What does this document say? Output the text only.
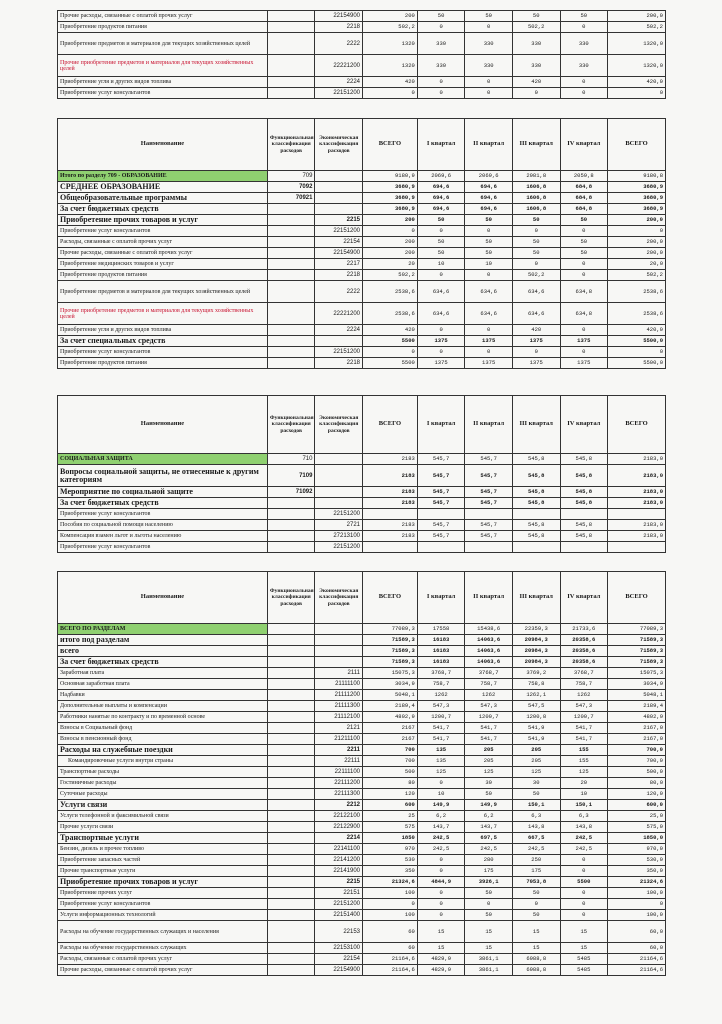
Прочие расходы, связанные с оплатой прочих услуг		22154900	200	50	50	50	50	200,0
Приобретение продуктов питания		2218	502,2	0	0	502,2	0	502,2
Приобретение предметов и материалов для текущих хозяйственных целей		2222	1320	330	330	330	330	1320,0
Прочие приобретение предметов и материалов для текущих хозяйственных целей		22221200	1320	330	330	330	330	1320,0
Приобретение угля и других видов топлива		2224	420	0	0	420	0	420,0
Приобретение услуг консультантов		22151200	0	0	0	0	0	0
Наименование	Функциональная классификация расходов	Экономическая классификация расходов	ВСЕГО	I квартал	II квартал	III квартал	IV квартал	ВСЕГО
Итого по разделу 709 - ОБРАЗОВАНИЕ	709		9180,9	2069,6	2069,6	2981,8	2059,8	9180,8
СРЕДНЕЕ ОБРАЗОВАНИЕ	7092		3680,9	694,6	694,6	1606,8	684,8	3680,9
Общеобразовательные программы	70921		3680,9	694,6	694,6	1606,8	684,8	3680,9
За счет бюджетных средств			3680,9	694,6	694,6	1606,8	684,8	3680,9
Приобретение прочих товаров и услуг		2215	200	50	50	50	50	200,0
Приобретение услуг консультантов		22151200	0	0	0	0	0	0
Расходы, связанные с оплатой прочих услуг		22154	200	50	50	50	50	200,0
Прочие расходы, связанные с оплатой прочих услуг		22154900	200	50	50	50	50	200,0
Приобретение медицинских товаров и услуг		2217	20	10	10	0	0	20,0
Приобретение продуктов питания		2218	502,2	0	0	502,2	0	502,2
Приобретение предметов и материалов для текущих хозяйственных целей		2222	2538,6	634,6	634,6	634,6	634,8	2538,6
Прочие приобретение предметов и материалов для текущих хозяйственных целей		22221200	2538,6	634,6	634,6	634,6	634,8	2538,6
Приобретение угля и других видов топлива		2224	420	0	0	420	0	420,0
За счет специальных средств			5500	1375	1375	1375	1375	5500,0
Приобретение услуг консультантов		22151200	0	0	0	0	0	0
Приобретение продуктов питания		2218	5500	1375	1375	1375	1375	5500,0
Наименование	Функциональная классификация расходов	Экономическая классификация расходов	ВСЕГО	I квартал	II квартал	III квартал	IV квартал	ВСЕГО
СОЦИАЛЬНАЯ ЗАЩИТА	710		2183	545,7	545,7	545,8	545,8	2183,0
Вопросы социальной защиты, не отнесенные к другим категориям	7109		2183	545,7	545,7	545,8	545,8	2183,0
Мероприятие по социальной защите	71092		2183	545,7	545,7	545,8	545,8	2183,0
За счет бюджетных средств			2183	545,7	545,7	545,8	545,8	2183,0
Приобретение услуг консультантов		22151200						
Пособия по социальной помощи населению		2721	2183	545,7	545,7	545,8	545,8	2183,0
Компенсация взамен льгот и льготы населению		27213100	2183	545,7	545,7	545,8	545,8	2183,0
Приобретение услуг консультантов		22151200						
Наименование	Функциональная классификация расходов	Экономическая классификация расходов	ВСЕГО	I квартал	II квартал	III квартал	IV квартал	ВСЕГО
ВСЕГО ПО РАЗДЕЛАМ			77089,3	17558	15438,6	22359,3	21733,6	77089,3
итого под разделам			71589,3	16183	14063,6	20984,3	20358,6	71589,3
всего			71589,3	16183	14063,6	20984,3	20358,6	71589,3
За счет бюджетных средств			71589,3	16183	14063,6	20984,3	20358,6	71589,3
Заработная плата		2111	15075,3	3768,7	3768,7	3769,2	3768,7	15075,3
Основная заработная плата		21111100	3034,9	758,7	758,7	758,8	758,7	3034,9
Надбавки		21111200	5048,1	1262	1262	1262,1	1262	5048,1
Дополнительные выплаты и компенсации		21111300	2189,4	547,3	547,3	547,5	547,3	2189,4
Работники нанятые по контракту и по временной основе		21112100	4802,9	1200,7	1200,7	1200,8	1200,7	4802,9
Взносы в Социальный фонд		2121	2167	541,7	541,7	541,9	541,7	2167,0
Взносы в пенсионный фонд		21211100	2167	541,7	541,7	541,9	541,7	2167,0
Расходы на служебные поездки		2211	700	135	205	205	155	700,0
Командировочные услуги внутри страны		22111	700	135	205	205	155	700,0
Транспортные расходы		22111100	500	125	125	125	125	500,0
Гостиничные расходы		22111200	80	0	30	30	20	80,0
Суточные расходы		22111300	120	10	50	50	10	120,0
Услуги связи		2212	600	149,9	149,9	150,1	150,1	600,0
Услуги телефонной и факсимильной связи		22122100	25	6,2	6,2	6,3	6,3	25,0
Прочие услуги связи		22122900	575	143,7	143,7	143,8	143,8	575,0
Транспортные услуги		2214	1850	242,5	697,5	667,5	242,5	1850,0
Бензин, дизель и прочее топливо		22141100	970	242,5	242,5	242,5	242,5	970,0
Приобретение запасных частей		22141200	530	0	280	250	0	530,0
Прочие транспортные услуги		22141900	350	0	175	175	0	350,0
Приобретение прочих товаров и услуг		2215	21324,6	4844,9	3926,1	7053,8	5500	21324,6
Приобретение прочих услуг		22151	100	0	50	50	0	100,0
Приобретение услуг консультантов		22151200	0	0	0	0	0	0
Услуги информационных технологий		22151400	100	0	50	50	0	100,0
Расходы на обучение государственных служащих и населения		22153	60	15	15	15	15	60,0
Расходы на обучение государственных служащих		22153100	60	15	15	15	15	60,0
Расходы, связанные с оплатой прочих услуг		22154	21164,6	4829,9	3861,1	6988,8	5485	21164,6
Прочие расходы, связанные с оплатой прочих услуг		22154900	21164,6	4829,9	3861,1	6988,8	5485	21164,6
